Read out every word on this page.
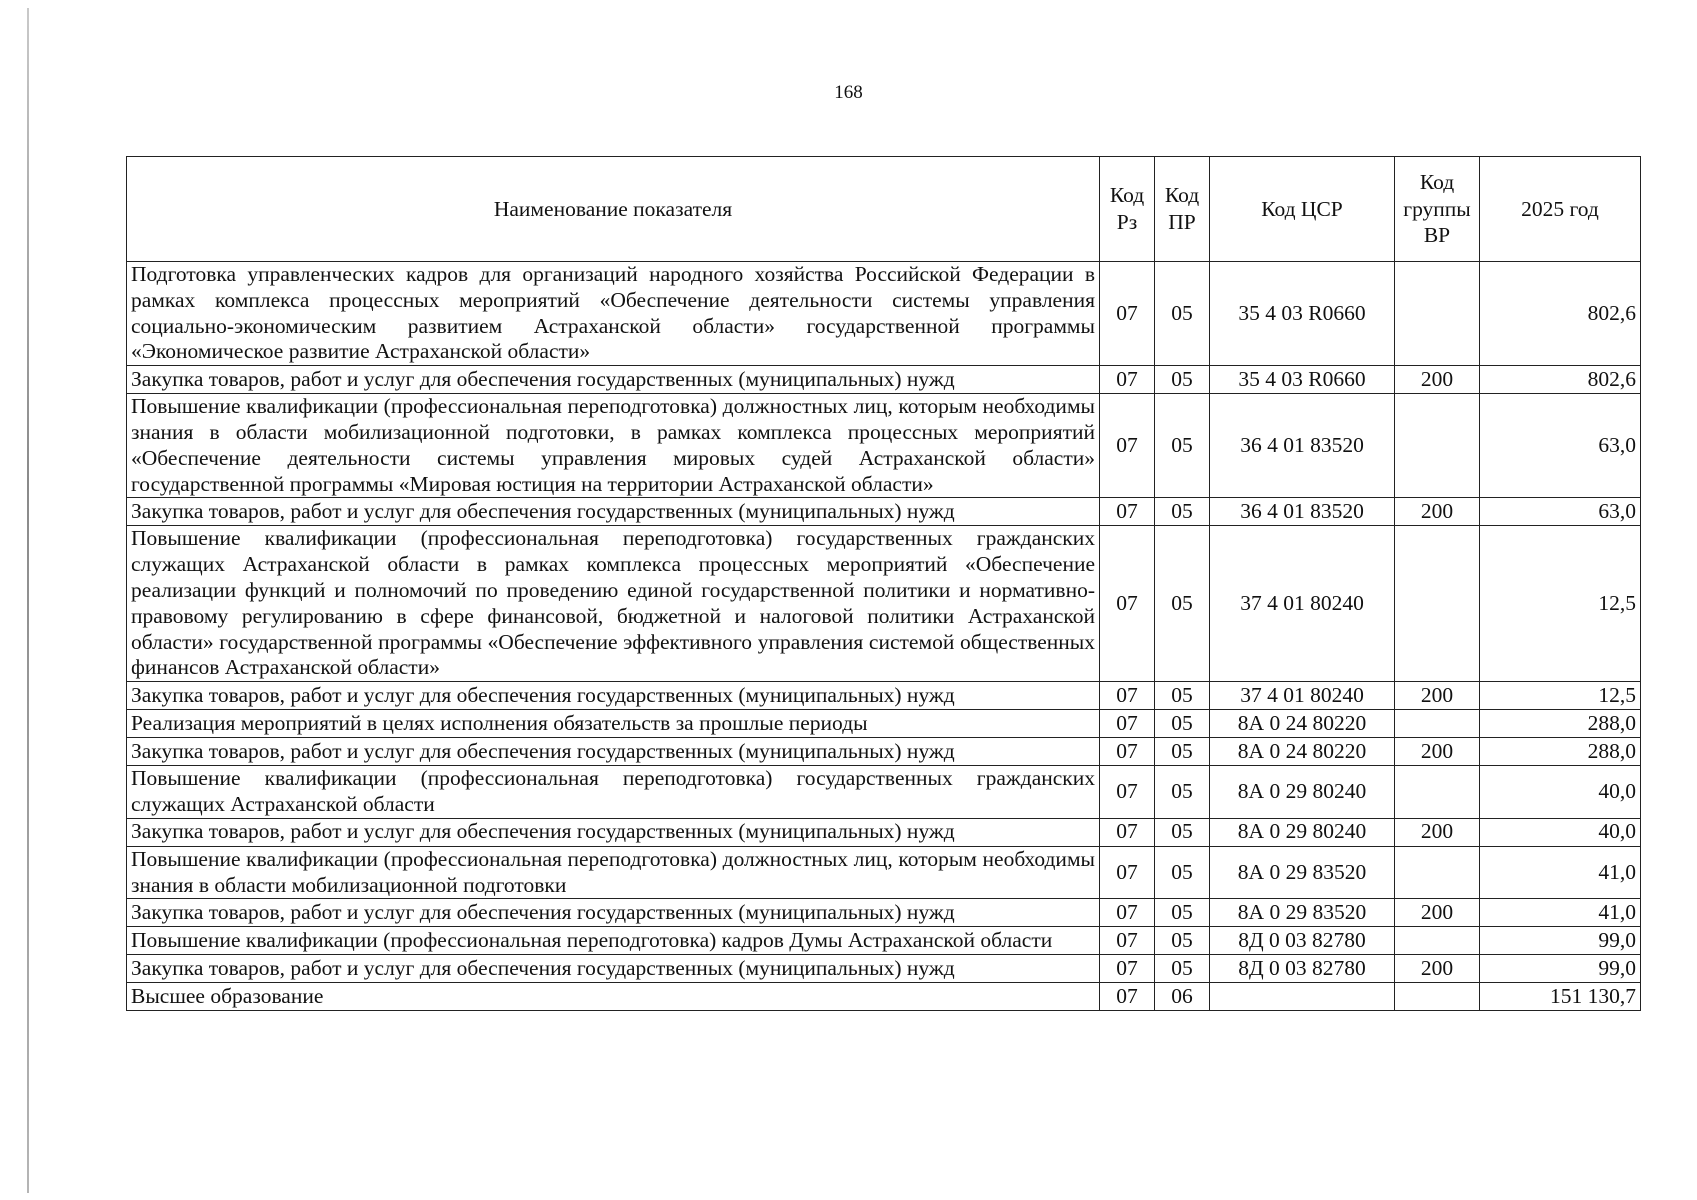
168
Наименование показателя	Код Рз	Код ПР	Код ЦСР	Код группы ВР	2025 год
Подготовка управленческих кадров для организаций народного хозяйства Российской Федерации в рамках комплекса процессных мероприятий «Обеспечение деятельности системы управления социально-экономическим развитием Астраханской области» государственной программы «Экономическое развитие Астраханской области»	07	05	35 4 03 R0660		802,6
Закупка товаров, работ и услуг для обеспечения государственных (муниципальных) нужд	07	05	35 4 03 R0660	200	802,6
Повышение квалификации (профессиональная переподготовка) должностных лиц, которым необходимы знания в области мобилизационной подготовки, в рамках комплекса процессных мероприятий «Обеспечение деятельности системы управления мировых судей Астраханской области» государственной программы «Мировая юстиция на территории Астраханской области»	07	05	36 4 01 83520		63,0
Закупка товаров, работ и услуг для обеспечения государственных (муниципальных) нужд	07	05	36 4 01 83520	200	63,0
Повышение квалификации (профессиональная переподготовка) государственных гражданских служащих Астраханской области в рамках комплекса процессных мероприятий «Обеспечение реализации функций и полномочий по проведению единой государственной политики и нормативно-правовому регулированию в сфере финансовой, бюджетной и налоговой политики Астраханской области» государственной программы «Обеспечение эффективного управления системой общественных финансов Астраханской области»	07	05	37 4 01 80240		12,5
Закупка товаров, работ и услуг для обеспечения государственных (муниципальных) нужд	07	05	37 4 01 80240	200	12,5
Реализация мероприятий в целях исполнения обязательств за прошлые периоды	07	05	8А 0 24 80220		288,0
Закупка товаров, работ и услуг для обеспечения государственных (муниципальных) нужд	07	05	8А 0 24 80220	200	288,0
Повышение квалификации (профессиональная переподготовка) государственных гражданских служащих Астраханской области	07	05	8А 0 29 80240		40,0
Закупка товаров, работ и услуг для обеспечения государственных (муниципальных) нужд	07	05	8А 0 29 80240	200	40,0
Повышение квалификации (профессиональная переподготовка) должностных лиц, которым необходимы знания в области мобилизационной подготовки	07	05	8А 0 29 83520		41,0
Закупка товаров, работ и услуг для обеспечения государственных (муниципальных) нужд	07	05	8А 0 29 83520	200	41,0
Повышение квалификации (профессиональная переподготовка) кадров Думы Астраханской области	07	05	8Д 0 03 82780		99,0
Закупка товаров, работ и услуг для обеспечения государственных (муниципальных) нужд	07	05	8Д 0 03 82780	200	99,0
Высшее образование	07	06			151 130,7
